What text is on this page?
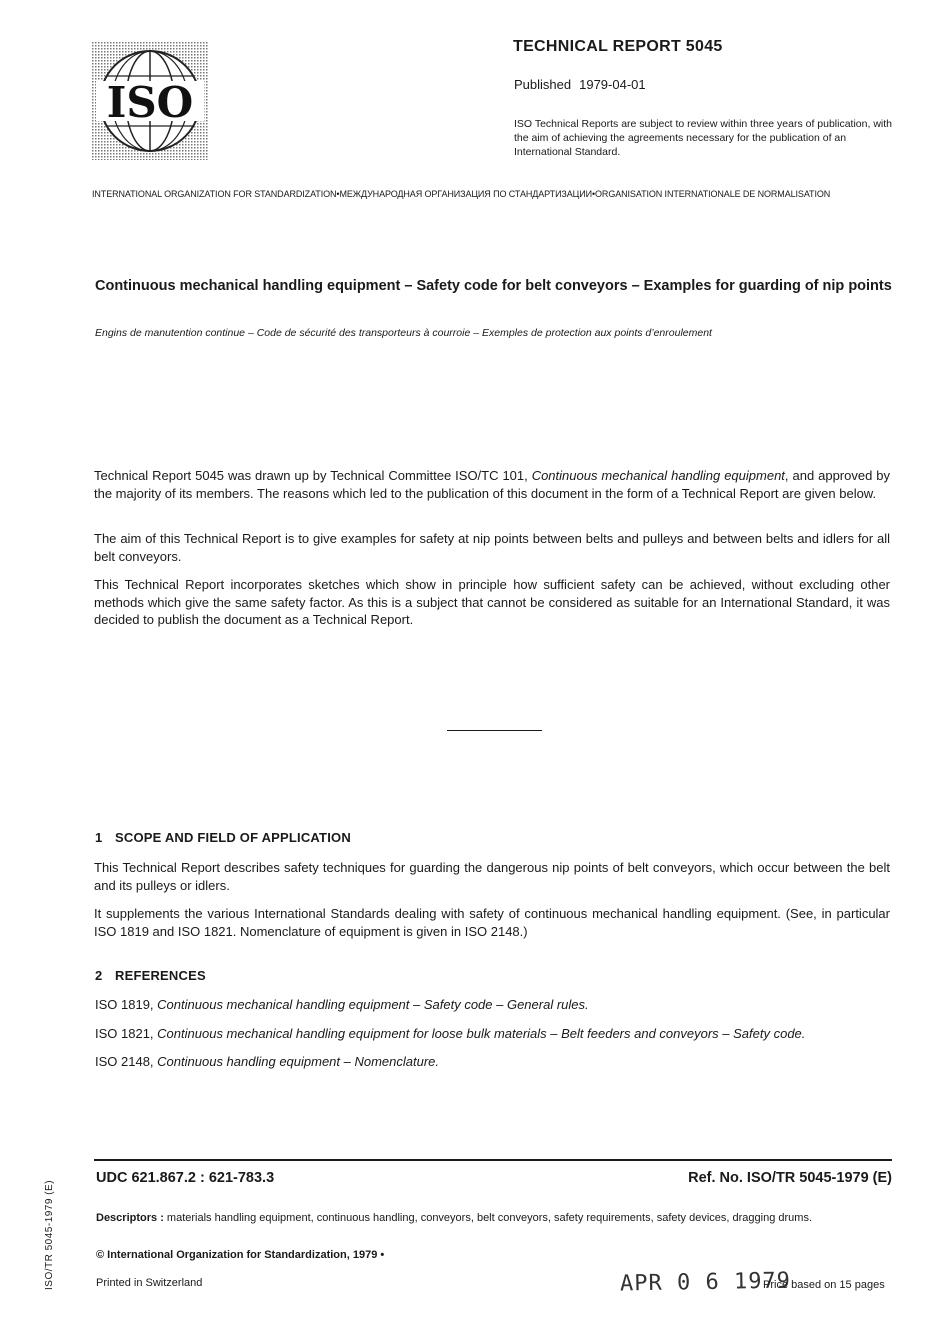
ISO
TECHNICAL REPORT 5045
Published 1979-04-01
ISO Technical Reports are subject to review within three years of publication, with the aim of achieving the agreements necessary for the publication of an International Standard.
INTERNATIONAL ORGANIZATION FOR STANDARDIZATION•МЕЖДУНАРОДНАЯ ОРГАНИЗАЦИЯ ПО СТАНДАРТИЗАЦИИ•ORGANISATION INTERNATIONALE DE NORMALISATION
Continuous mechanical handling equipment – Safety code for belt conveyors – Examples for guarding of nip points
Engins de manutention continue – Code de sécurité des transporteurs à courroie – Exemples de protection aux points d’enroulement

Technical Report 5045 was drawn up by Technical Committee ISO/TC 101, Continuous mechanical handling equipment, and approved by the majority of its members. The reasons which led to the publication of this document in the form of a Technical Report are given below.

The aim of this Technical Report is to give examples for safety at nip points between belts and pulleys and between belts and idlers for all belt conveyors.

This Technical Report incorporates sketches which show in principle how sufficient safety can be achieved, without excluding other methods which give the same safety factor. As this is a subject that cannot be considered as suitable for an International Standard, it was decided to publish the document as a Technical Report.

1 SCOPE AND FIELD OF APPLICATION

This Technical Report describes safety techniques for guarding the dangerous nip points of belt conveyors, which occur between the belt and its pulleys or idlers.

It supplements the various International Standards dealing with safety of continuous mechanical handling equipment. (See, in particular ISO 1819 and ISO 1821. Nomenclature of equipment is given in ISO 2148.)

2 REFERENCES
ISO 1819, Continuous mechanical handling equipment – Safety code – General rules.
ISO 1821, Continuous mechanical handling equipment for loose bulk materials – Belt feeders and conveyors – Safety code.
ISO 2148, Continuous handling equipment – Nomenclature.
UDC 621.867.2 : 621-783.3	Ref. No. ISO/TR 5045-1979 (E)
Descriptors : materials handling equipment, continuous handling, conveyors, belt conveyors, safety requirements, safety devices, dragging drums.
© International Organization for Standardization, 1979 •
Printed in Switzerland	APR 0 6 1979
Price based on 15 pages
ISO/TR 5045-1979 (E)
